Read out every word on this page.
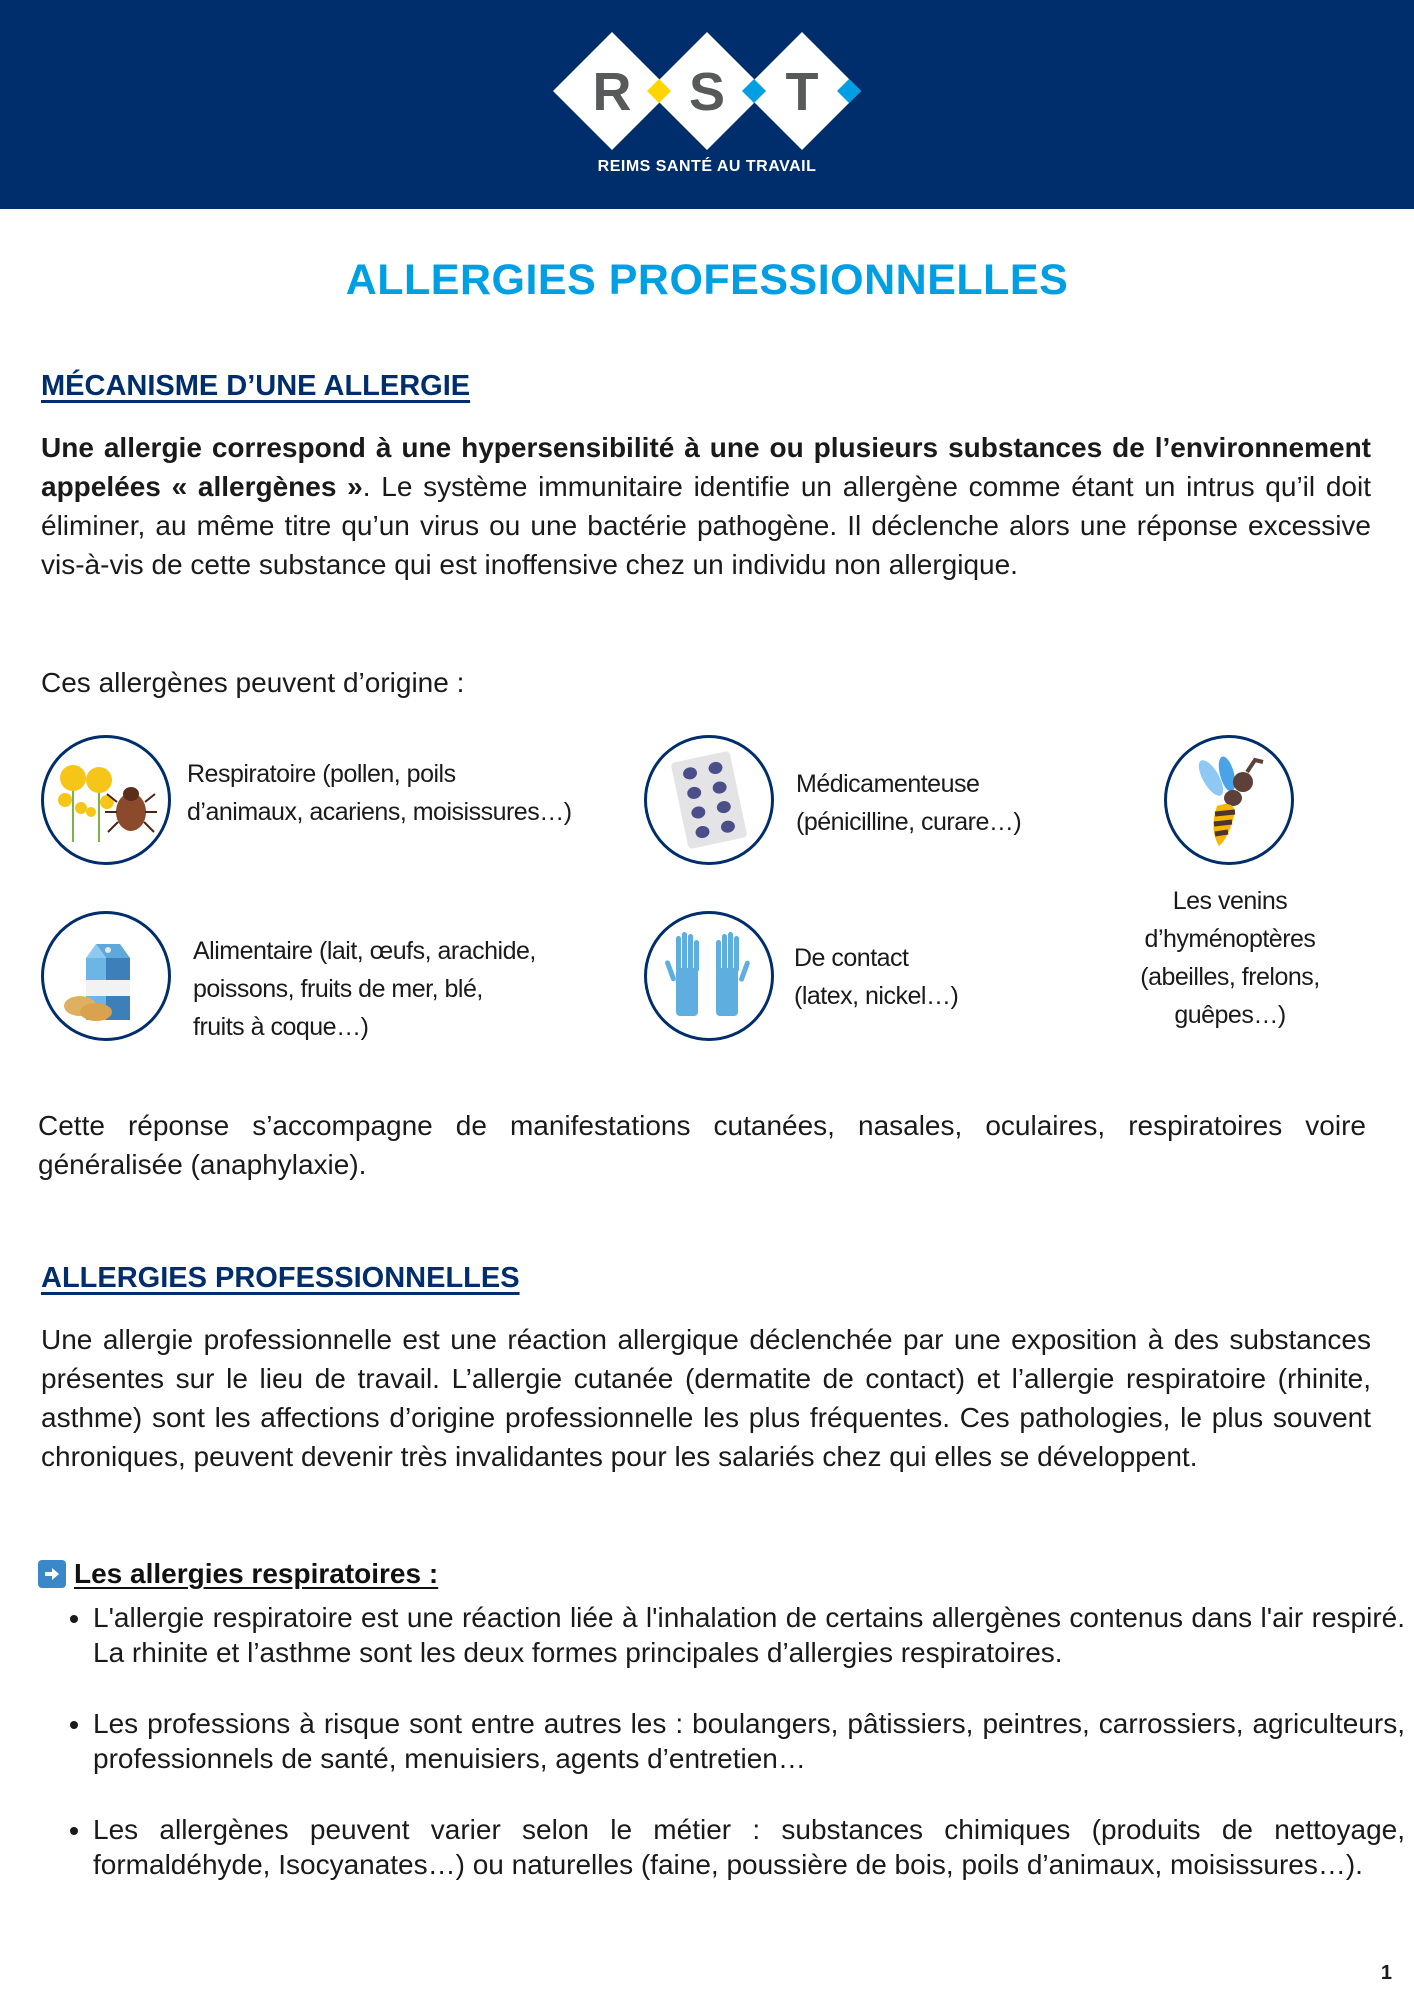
R S T
REIMS SANTÉ AU TRAVAIL
ALLERGIES PROFESSIONNELLES
MÉCANISME D’UNE ALLERGIE
Une allergie correspond à une hypersensibilité à une ou plusieurs substances de l’environnement appelées « allergènes ». Le système immunitaire identifie un allergène comme étant un intrus qu’il doit éliminer, au même titre qu’un virus ou une bactérie pathogène. Il déclenche alors une réponse excessive vis-à-vis de cette substance qui est inoffensive chez un individu non allergique.
Ces allergènes peuvent d’origine :
Respiratoire (pollen, poils
d’animaux, acariens, moisissures…)
Médicamenteuse
(pénicilline, curare…)
Les venins
d’hyménoptères
(abeilles, frelons,
guêpes…)
Alimentaire (lait, œufs, arachide,
poissons, fruits de mer, blé,
fruits à coque…)
De contact
(latex, nickel…)
Cette réponse s’accompagne de manifestations cutanées, nasales, oculaires, respiratoires voire généralisée (anaphylaxie).
ALLERGIES PROFESSIONNELLES
Une allergie professionnelle est une réaction allergique déclenchée par une exposition à des substances présentes sur le lieu de travail. L’allergie cutanée (dermatite de contact) et l’allergie respiratoire (rhinite, asthme) sont les affections d’origine professionnelle les plus fréquentes. Ces pathologies, le plus souvent chroniques, peuvent devenir très invalidantes pour les salariés chez qui elles se développent.
Les allergies respiratoires :
• L'allergie respiratoire est une réaction liée à l'inhalation de certains allergènes contenus dans l'air respiré. La rhinite et l’asthme sont les deux formes principales d’allergies respiratoires.
• Les professions à risque sont entre autres les : boulangers, pâtissiers, peintres, carrossiers, agriculteurs, professionnels de santé, menuisiers, agents d’entretien…
• Les allergènes peuvent varier selon le métier : substances chimiques (produits de nettoyage, formaldéhyde, Isocyanates…) ou naturelles (faine, poussière de bois, poils d’animaux, moisissures…).
1
